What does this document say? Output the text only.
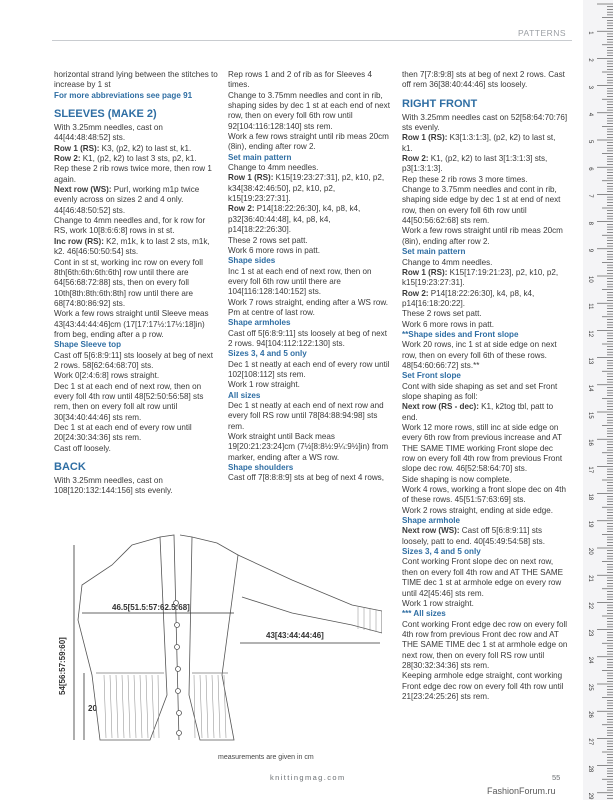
PATTERNS

horizontal strand lying between the stitches to increase by 1 st

For more abbreviations see page 91

SLEEVES (MAKE 2)

With 3.25mm needles, cast on 44[44:48:48:52] sts.

Row 1 (RS): K3, (p2, k2) to last st, k1.

Row 2: K1, (p2, k2) to last 3 sts, p2, k1.

Rep these 2 rib rows twice more, then row 1 again.

Next row (WS): Purl, working m1p twice evenly across on sizes 2 and 4 only. 44[46:48:50:52] sts.

Change to 4mm needles and, for k row for RS, work 10[8:6:6:8] rows in st st.

Inc row (RS): K2, m1k, k to last 2 sts, m1k, k2. 46[46:50:50:54] sts.

Cont in st st, working inc row on every foll 8th[6th:6th:6th:6th] row until there are 64[56:68:72:88] sts, then on every foll 10th[8th:8th:6th:8th] row until there are 68[74:80:86:92] sts.

Work a few rows straight until Sleeve meas 43[43:44:44:46]cm (17[17:17½:17½:18]in) from beg, ending after a p row.

Shape Sleeve top

Cast off 5[6:8:9:11] sts loosely at beg of next 2 rows. 58[62:64:68:70] sts.

Work 0[2:4:6:8] rows straight.

Dec 1 st at each end of next row, then on every foll 4th row until 48[52:50:56:58] sts rem, then on every foll alt row until 30[34:40:44:46] sts rem.

Dec 1 st at each end of every row until 20[24:30:34:36] sts rem.

Cast off loosely.

BACK

With 3.25mm needles, cast on 108[120:132:144:156] sts evenly.

Rep rows 1 and 2 of rib as for Sleeves 4 times.

Change to 3.75mm needles and cont in rib, shaping sides by dec 1 st at each end of next row, then on every foll 6th row until 92[104:116:128:140] sts rem.

Work a few rows straight until rib meas 20cm (8in), ending after row 2.

Set main pattern

Change to 4mm needles.

Row 1 (RS): K15[19:23:27:31], p2, k10, p2, k34[38:42:46:50], p2, k10, p2, k15[19:23:27:31].

Row 2: P14[18:22:26:30], k4, p8, k4, p32[36:40:44:48], k4, p8, k4, p14[18:22:26:30].

These 2 rows set patt.

Work 6 more rows in patt.

Shape sides

Inc 1 st at each end of next row, then on every foll 6th row until there are 104[116:128:140:152] sts.

Work 7 rows straight, ending after a WS row.

Pm at centre of last row.

Shape armholes

Cast off 5[6:8:9:11] sts loosely at beg of next 2 rows. 94[104:112:122:130] sts.

Sizes 3, 4 and 5 only

Dec 1 st neatly at each end of every row until 102[108:112] sts rem.

Work 1 row straight.

All sizes

Dec 1 st neatly at each end of next row and every foll RS row until 78[84:88:94:98] sts rem.

Work straight until Back meas 19[20:21:23:24]cm (7½[8:8½:9¼:9½]in) from marker, ending after a WS row.

Shape shoulders

Cast off 7[8:8:8:9] sts at beg of next 4 rows,

then 7[7:8:9:8] sts at beg of next 2 rows. Cast off rem 36[38:40:44:46] sts loosely.

RIGHT FRONT

With 3.25mm needles cast on 52[58:64:70:76] sts evenly.

Row 1 (RS): K3[1:3:1:3], (p2, k2) to last st, k1.

Row 2: K1, (p2, k2) to last 3[1:3:1:3] sts, p3[1:3:1:3].

Rep these 2 rib rows 3 more times.

Change to 3.75mm needles and cont in rib, shaping side edge by dec 1 st at end of next row, then on every foll 6th row until 44[50:56:62:68] sts rem.

Work a few rows straight until rib meas 20cm (8in), ending after row 2.

Set main pattern

Change to 4mm needles.

Row 1 (RS): K15[17:19:21:23], p2, k10, p2, k15[19:23:27:31].

Row 2: P14[18:22:26:30], k4, p8, k4, p14[16:18:20:22].

These 2 rows set patt.

Work 6 more rows in patt.

**Shape sides and Front slope

Work 20 rows, inc 1 st at side edge on next row, then on every foll 6th of these rows. 48[54:60:66:72] sts.**

Set Front slope

Cont with side shaping as set and set Front slope shaping as foll:

Next row (RS - dec): K1, k2tog tbl, patt to end.

Work 12 more rows, still inc at side edge on every 6th row from previous increase and AT THE SAME TIME working Front slope dec row on every foll 4th row from previous Front slope dec row. 46[52:58:64:70] sts.

Side shaping is now complete.

Work 4 rows, working a front slope dec on 4th of these rows. 45[51:57:63:69] sts.

Work 2 rows straight, ending at side edge.

Shape armhole

Next row (WS): Cast off 5[6:8:9:11] sts loosely, patt to end. 40[45:49:54:58] sts.

Sizes 3, 4 and 5 only

Cont working Front slope dec on next row, then on every foll 4th row and AT THE SAME TIME dec 1 st at armhole edge on every row until 42[45:46] sts rem.

Work 1 row straight.

*** All sizes

Cont working Front edge dec row on every foll 4th row from previous Front dec row and AT THE SAME TIME dec 1 st at armhole edge on next row, then on every foll RS row until 28[30:32:34:36] sts rem.

Keeping armhole edge straight, cont working Front edge dec row on every foll 4th row until 21[23:24:25:26] sts rem.

46.5[51.5:57:62.5:68]
43[43:44:44:46]
54[56:57:59:60]
20
measurements are given in cm
1
2
3
4
5
6
7
8
9
10
11
12
13
14
15
16
17
18
19
20
21
22
23
24
25
26
27
28
29
knittingmag.com	55
FashionForum.ru
